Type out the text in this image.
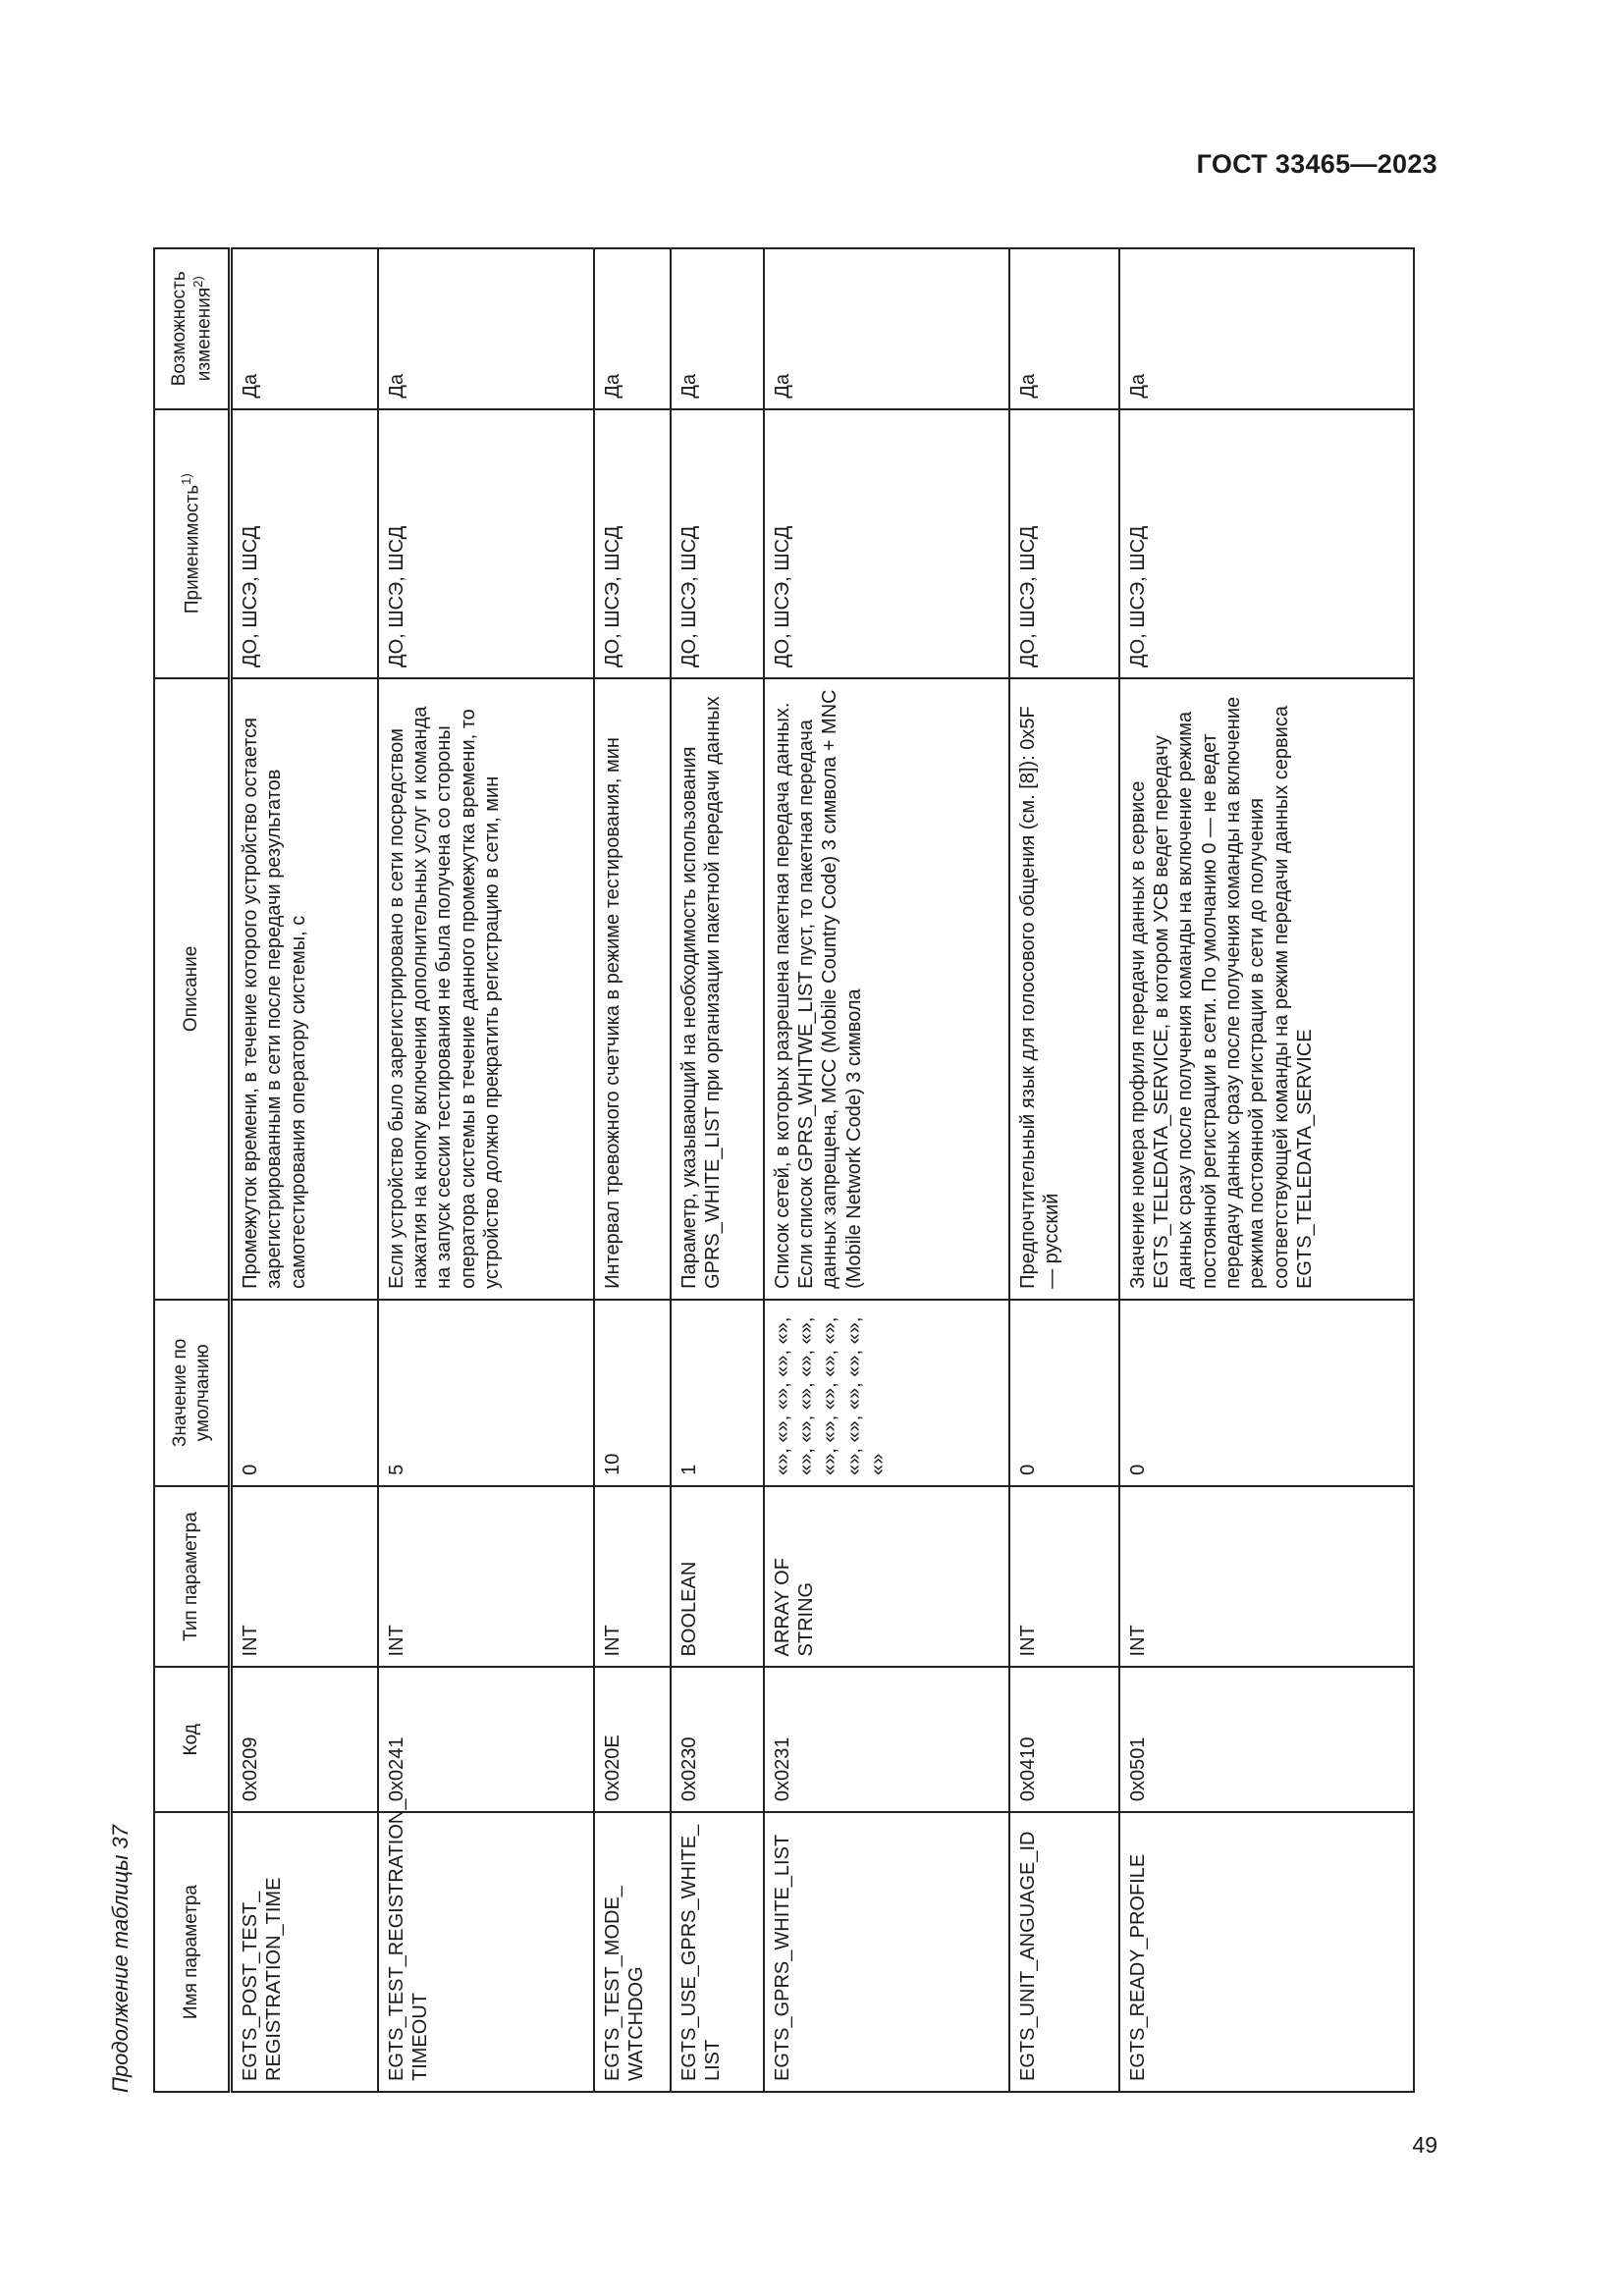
ГОСТ 33465—2023
Продолжение таблицы 37	Имя параметра	Код	Тип параметра	Значение по умолчанию	Описание	Применимость$^{1)}$	Возможность изменения$^{2)}$
EGTS_POST_TEST_ REGISTRATION_TIME	0x0209	INT	0	Промежуток времени, в течение которого устройство остается зарегистрированным в сети после передачи результатов самотестирования оператору системы, с	ДО, ШСЭ, ШСД	Да
EGTS_TEST_REGISTRATION_ TIMEOUT	0x0241	INT	5	Если устройство было зарегистрировано в сети посредством нажатия на кнопку включения дополнительных услуг и команда на запуск сессии тестирования не была получена со стороны оператора системы в течение данного промежутка времени, то устройство должно прекратить регистрацию в сети, мин	ДО, ШСЭ, ШСД	Да
EGTS_TEST_MODE_ WATCHDOG	0x020E	INT	10	Интервал тревожного счетчика в режиме тестирования, мин	ДО, ШСЭ, ШСД	Да
EGTS_USE_GPRS_WHITE_ LIST	0x0230	BOOLEAN	1	Параметр, указывающий на необходимость использования GPRS_WHITE_LIST при организации пакетной передачи данных	ДО, ШСЭ, ШСД	Да
EGTS_GPRS_WHITE_LIST	0x0231	ARRAY OF STRING	«», «», «», «», «», «», «», «», «», «», «», «», «», «», «», «», «», «», «», «», «»	Список сетей, в которых разрешена пакетная передача данных. Если список GPRS_WHITWE_LIST пуст, то пакетная передача данных запрещена, MCC (Mobile Country Code) 3 символа + MNC (Mobile Network Code) 3 символа	ДО, ШСЭ, ШСД	Да
EGTS_UNIT_ANGUAGE_ID	0x0410	INT	0	Предпочтительный язык для голосового общения (см. [8]): 0x5F — русский	ДО, ШСЭ, ШСД	Да
EGTS_READY_PROFILE	0x0501	INT	0	Значение номера профиля передачи данных в сервисе EGTS_TELEDATA_SERVICE, в котором УСВ ведет передачу данных сразу после получения команды на включение режима постоянной регистрации в сети. По умолчанию 0 — не ведет передачу данных сразу после получения команды на включение режима постоянной регистрации в сети до получения соответствующей команды на режим передачи данных сервиса EGTS_TELEDATA_SERVICE	ДО, ШСЭ, ШСД	Да
49
